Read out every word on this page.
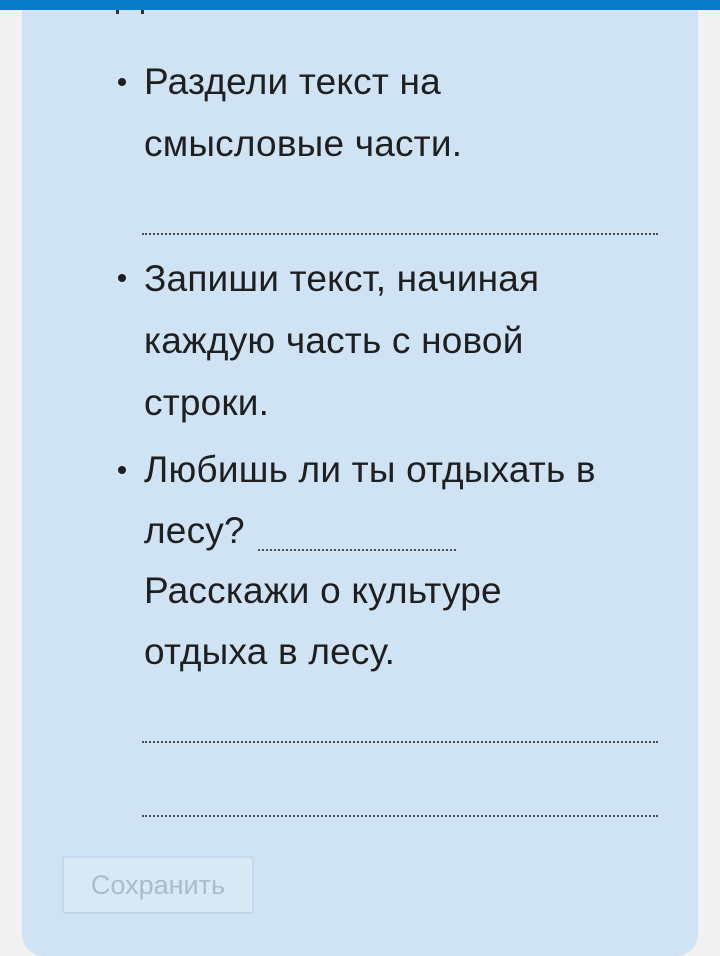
Раздели текст на
смысловые части.
Запиши текст, начиная
каждую часть с новой
строки.
Любишь ли ты отдыхать в
лесу?
Расскажи о культуре
отдыха в лесу.
Сохранить
